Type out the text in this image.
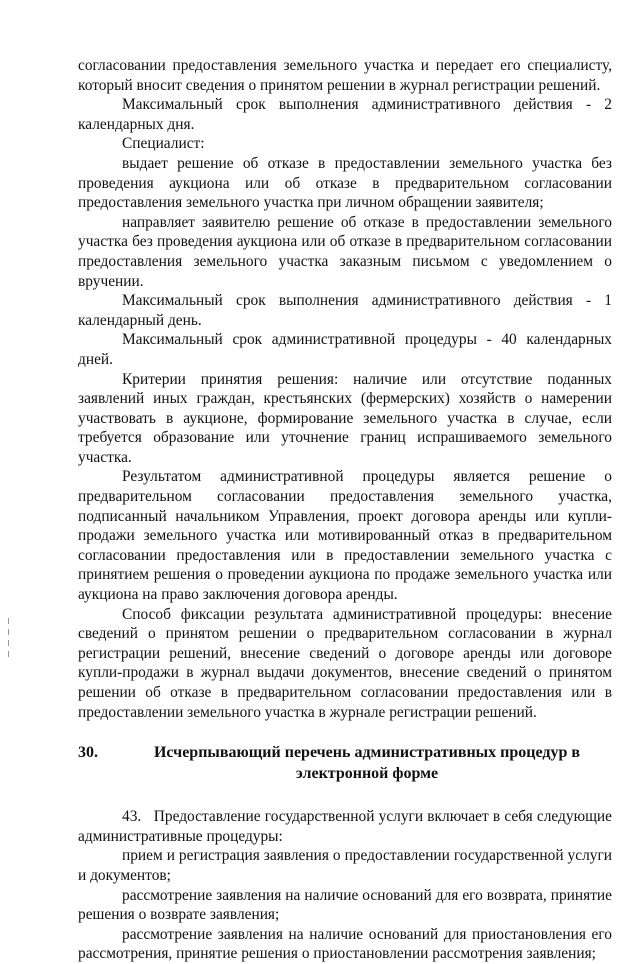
согласовании предоставления земельного участка и передает его специалисту, который вносит сведения о принятом решении в журнал регистрации решений.

Максимальный срок выполнения административного действия - 2 календарных дня.

Специалист:

выдает решение об отказе в предоставлении земельного участка без проведения аукциона или об отказе в предварительном согласовании предоставления земельного участка при личном обращении заявителя;

направляет заявителю решение об отказе в предоставлении земельного участка без проведения аукциона или об отказе в предварительном согласовании предоставления земельного участка заказным письмом с уведомлением о вручении.

Максимальный срок выполнения административного действия - 1 календарный день.

Максимальный срок административной процедуры - 40 календарных дней.

Критерии принятия решения: наличие или отсутствие поданных заявлений иных граждан, крестьянских (фермерских) хозяйств о намерении участвовать в аукционе, формирование земельного участка в случае, если требуется образование или уточнение границ испрашиваемого земельного участка.

Результатом административной процедуры является решение о предварительном согласовании предоставления земельного участка, подписанный начальником Управления, проект договора аренды или купли-продажи земельного участка или мотивированный отказ в предварительном согласовании предоставления или в предоставлении земельного участка с принятием решения о проведении аукциона по продаже земельного участка или аукциона на право заключения договора аренды.

Способ фиксации результата административной процедуры: внесение сведений о принятом решении о предварительном согласовании в журнал регистрации решений, внесение сведений о договоре аренды или договоре купли-продажи в журнал выдачи документов, внесение сведений о принятом решении об отказе в предварительном согласовании предоставления или в предоставлении земельного участка в журнале регистрации решений.

30.	Исчерпывающий перечень административных процедур в электронной форме

43.   Предоставление государственной услуги включает в себя следующие административные процедуры:

прием и регистрация заявления о предоставлении государственной услуги и документов;

рассмотрение заявления на наличие оснований для его возврата, принятие решения о возврате заявления;

рассмотрение заявления на наличие оснований для приостановления его рассмотрения, принятие решения о приостановлении рассмотрения заявления;
